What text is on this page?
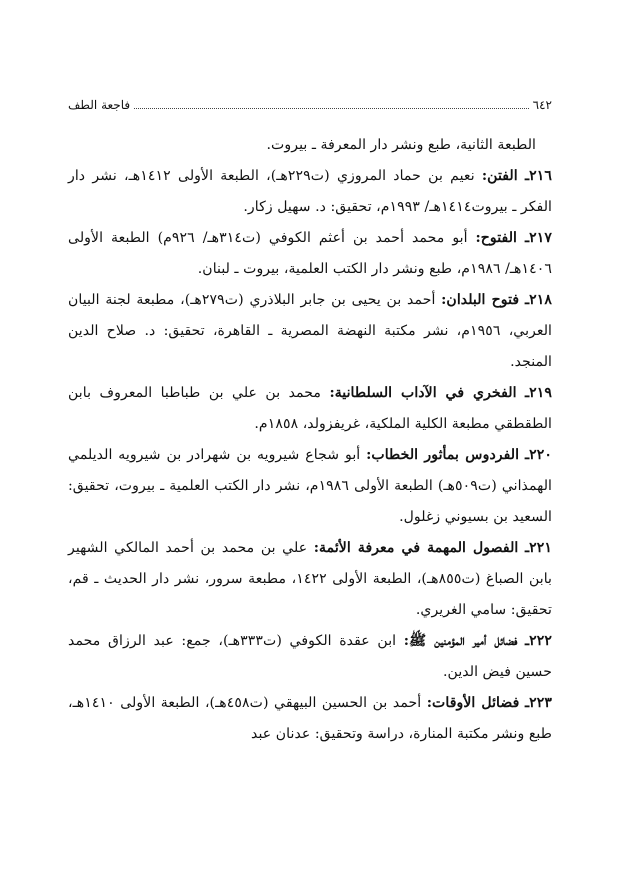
٦٤٢
فاجعة الطف

الطبعة الثانية، طبع ونشر دار المعرفة ـ بيروت.

٢١٦ـ الفتن: نعيم بن حماد المروزي (ت٢٢٩هـ)، الطبعة الأولى ١٤١٢هـ، نشر دار الفكر ـ بيروت١٤١٤هـ/ ١٩٩٣م، تحقيق: د. سهيل زكار.

٢١٧ـ الفتوح: أبو محمد أحمد بن أعثم الكوفي (ت٣١٤هـ/ ٩٢٦م) الطبعة الأولى ١٤٠٦هـ/ ١٩٨٦م، طبع ونشر دار الكتب العلمية، بيروت ـ لبنان.

٢١٨ـ فتوح البلدان: أحمد بن يحيى بن جابر البلاذري (ت٢٧٩هـ)، مطبعة لجنة البيان العربي، ١٩٥٦م، نشر مكتبة النهضة المصرية ـ القاهرة، تحقيق: د. صلاح الدين المنجد.

٢١٩ـ الفخري في الآداب السلطانية: محمد بن علي بن طباطبا المعروف بابن الطقطقي مطبعة الكلية الملكية، غريفزولد، ١٨٥٨م.

٢٢٠ـ الفردوس بمأثور الخطاب: أبو شجاع شيرويه بن شهرادر بن شيرويه الديلمي الهمذاني (ت٥٠٩هـ) الطبعة الأولى ١٩٨٦م، نشر دار الكتب العلمية ـ بيروت، تحقيق: السعيد بن بسيوني زغلول.

٢٢١ـ الفصول المهمة في معرفة الأئمة: علي بن محمد بن أحمد المالكي الشهير بابن الصباغ (ت٨٥٥هـ)، الطبعة الأولى ١٤٢٢، مطبعة سرور، نشر دار الحديث ـ قم، تحقيق: سامي الغريري.

٢٢٢ـ فضائل أمير المؤمنين ﷺ: ابن عقدة الكوفي (ت٣٣٣هـ)، جمع: عبد الرزاق محمد حسين فيض الدين.

٢٢٣ـ فضائل الأوقات: أحمد بن الحسين البيهقي (ت٤٥٨هـ)، الطبعة الأولى ١٤١٠هـ، طبع ونشر مكتبة المنارة، دراسة وتحقيق: عدنان عبد
